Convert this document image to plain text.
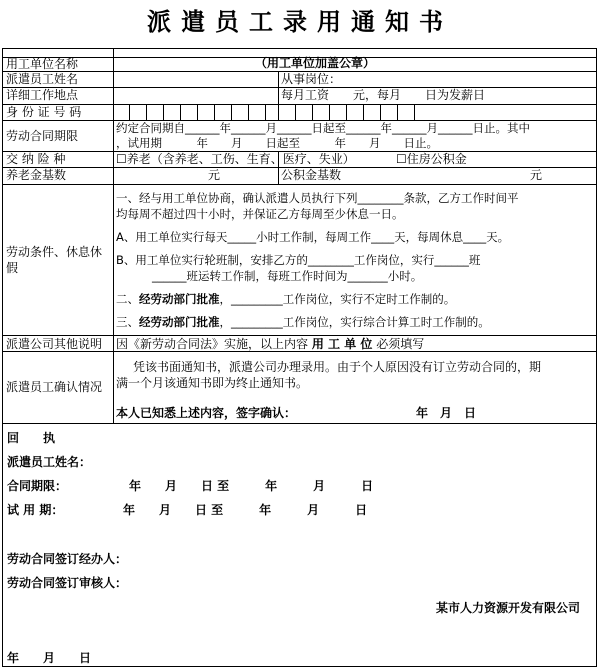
派遣员工录用通知书
用工单位名称	（用工单位加盖公章）
派遣员工姓名	从事岗位：
详细工作地点	每月工资　　元，每月　　日为发薪日
身 份 证 号 码
劳动合同期限
约定合同期自______年______月______日起至______年______月______日止。其中
，试用期　　　年　　月　　日起至　　　年　　月　　日止。
交 纳 险 种	☐养老（含养老、工伤、生育、医疗、失业）	☐住房公积金
养老金基数	元	公积金基数	元
劳动条件、休息休
假
一、经与用工单位协商，确认派遣人员执行下列________条款，乙方工作时间平
均每周不超过四十小时，并保证乙方每周至少休息一日。
A、用工单位实行每天_____小时工作制，每周工作____天，每周休息____天。
B、用工单位实行轮班制，安排乙方的________工作岗位，实行______班
______班运转工作制，每班工作时间为_______小时。
二、经劳动部门批准，_________工作岗位，实行不定时工作制的。
三、经劳动部门批准，_________工作岗位，实行综合计算工时工作制的。
派遣公司其他说明 因《新劳动合同法》实施，以上内容 用 工 单 位 必须填写
派遣员工确认情况
凭该书面通知书，派遣公司办理录用。由于个人原因没有订立劳动合同的，期
满一个月该通知书即为终止通知书。
本人已知悉上述内容，签字确认：	年　月　日
回　　执
派遣员工姓名：
合同期限：	年　　月　　日 至　　　年　　　月　　　日
试 用 期：	年　　月　　日 至　　　年　　　月　　　日
劳动合同签订经办人：
劳动合同签订审核人：
某市人力资源开发有限公司
年　　月　　日
